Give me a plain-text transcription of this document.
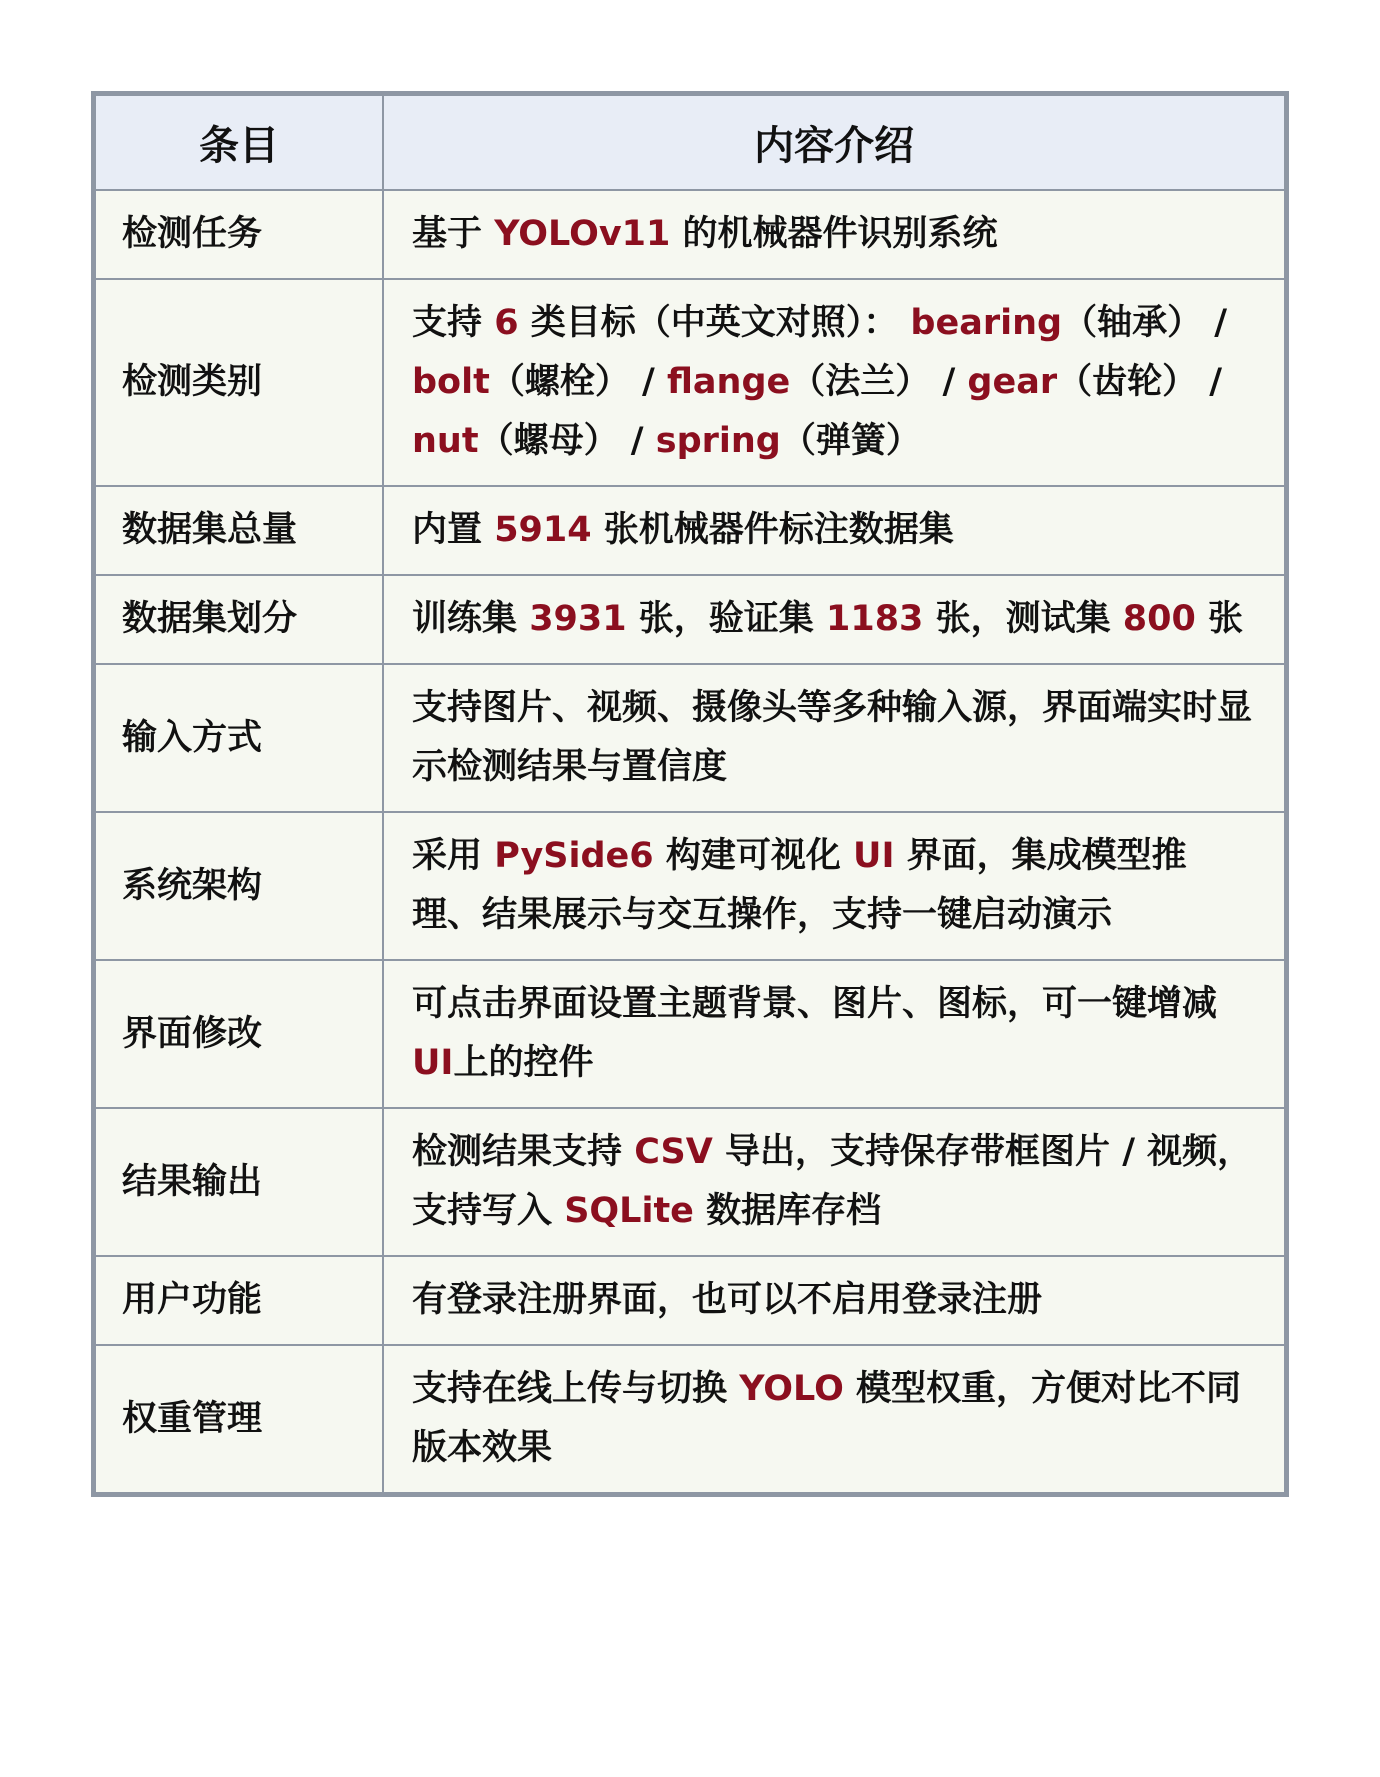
条目	内容介绍
检测任务	基于 YOLOv11 的机械器件识别系统
检测类别	支持 6 类目标（中英文对照）： bearing（轴承） / bolt（螺栓） / flange（法兰） / gear（齿轮） / nut（螺母） / spring（弹簧）
数据集总量	内置 5914 张机械器件标注数据集
数据集划分	训练集 3931 张，验证集 1183 张，测试集 800 张
输入方式	支持图片、视频、摄像头等多种输入源，界面端实时显示检测结果与置信度
系统架构	采用 PySide6 构建可视化 UI 界面，集成模型推理、结果展示与交互操作，支持一键启动演示
界面修改	可点击界面设置主题背景、图片、图标，可一键增减UI上的控件
结果输出	检测结果支持 CSV 导出，支持保存带框图片 / 视频，支持写入 SQLite 数据库存档
用户功能	有登录注册界面，也可以不启用登录注册
权重管理	支持在线上传与切换 YOLO 模型权重，方便对比不同版本效果
